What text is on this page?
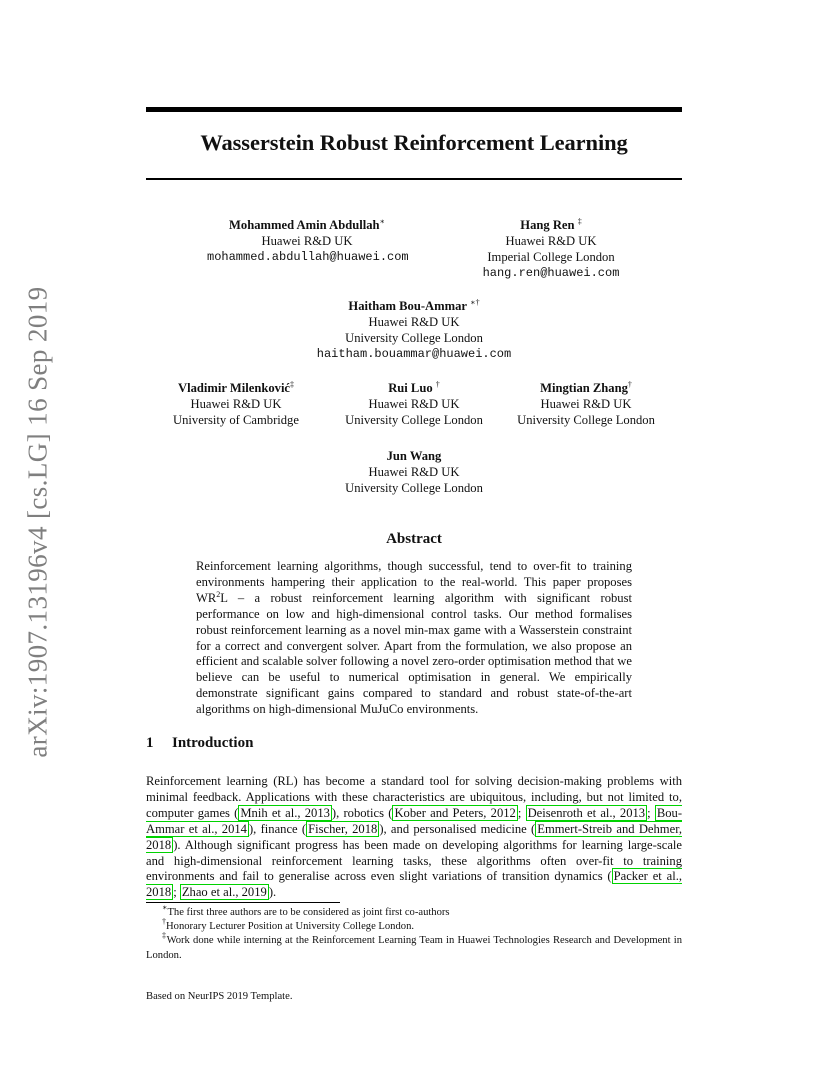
arXiv:1907.13196v4 [cs.LG] 16 Sep 2019
Wasserstein Robust Reinforcement Learning
Mohammed Amin Abdullah∗
Huawei R&D UK
mohammed.abdullah@huawei.com
Hang Ren ‡
Huawei R&D UK
Imperial College London
hang.ren@huawei.com
Haitham Bou-Ammar ∗†
Huawei R&D UK
University College London
haitham.bouammar@huawei.com
Vladimir Milenković‡
Huawei R&D UK
University of Cambridge
Rui Luo †
Huawei R&D UK
University College London
Mingtian Zhang†
Huawei R&D UK
University College London
Jun Wang
Huawei R&D UK
University College London
Abstract
Reinforcement learning algorithms, though successful, tend to over-fit to training environments hampering their application to the real-world. This paper proposes $WR^2L$ – a robust reinforcement learning algorithm with significant robust performance on low and high-dimensional control tasks. Our method formalises robust reinforcement learning as a novel min-max game with a Wasserstein constraint for a correct and convergent solver. Apart from the formulation, we also propose an efficient and scalable solver following a novel zero-order optimisation method that we believe can be useful to numerical optimisation in general. We empirically demonstrate significant gains compared to standard and robust state-of-the-art algorithms on high-dimensional MuJuCo environments.
1 Introduction
Reinforcement learning (RL) has become a standard tool for solving decision-making problems with minimal feedback. Applications with these characteristics are ubiquitous, including, but not limited to, computer games ( Mnih et al., 2013 ), robotics ( Kober and Peters, 2012 ; Deisenroth et al., 2013 ; Bou-Ammar et al., 2014 ), finance ( Fischer, 2018 ), and personalised medicine ( Emmert-Streib and Dehmer, 2018 ). Although significant progress has been made on developing algorithms for learning large-scale and high-dimensional reinforcement learning tasks, these algorithms often over-fit to training environments and fail to generalise across even slight variations of transition dynamics ( Packer et al., 2018 ; Zhao et al., 2019 ).

∗The first three authors are to be considered as joint first co-authors

†Honorary Lecturer Position at University College London.

‡Work done while interning at the Reinforcement Learning Team in Huawei Technologies Research and Development in London.

Based on NeurIPS 2019 Template.
